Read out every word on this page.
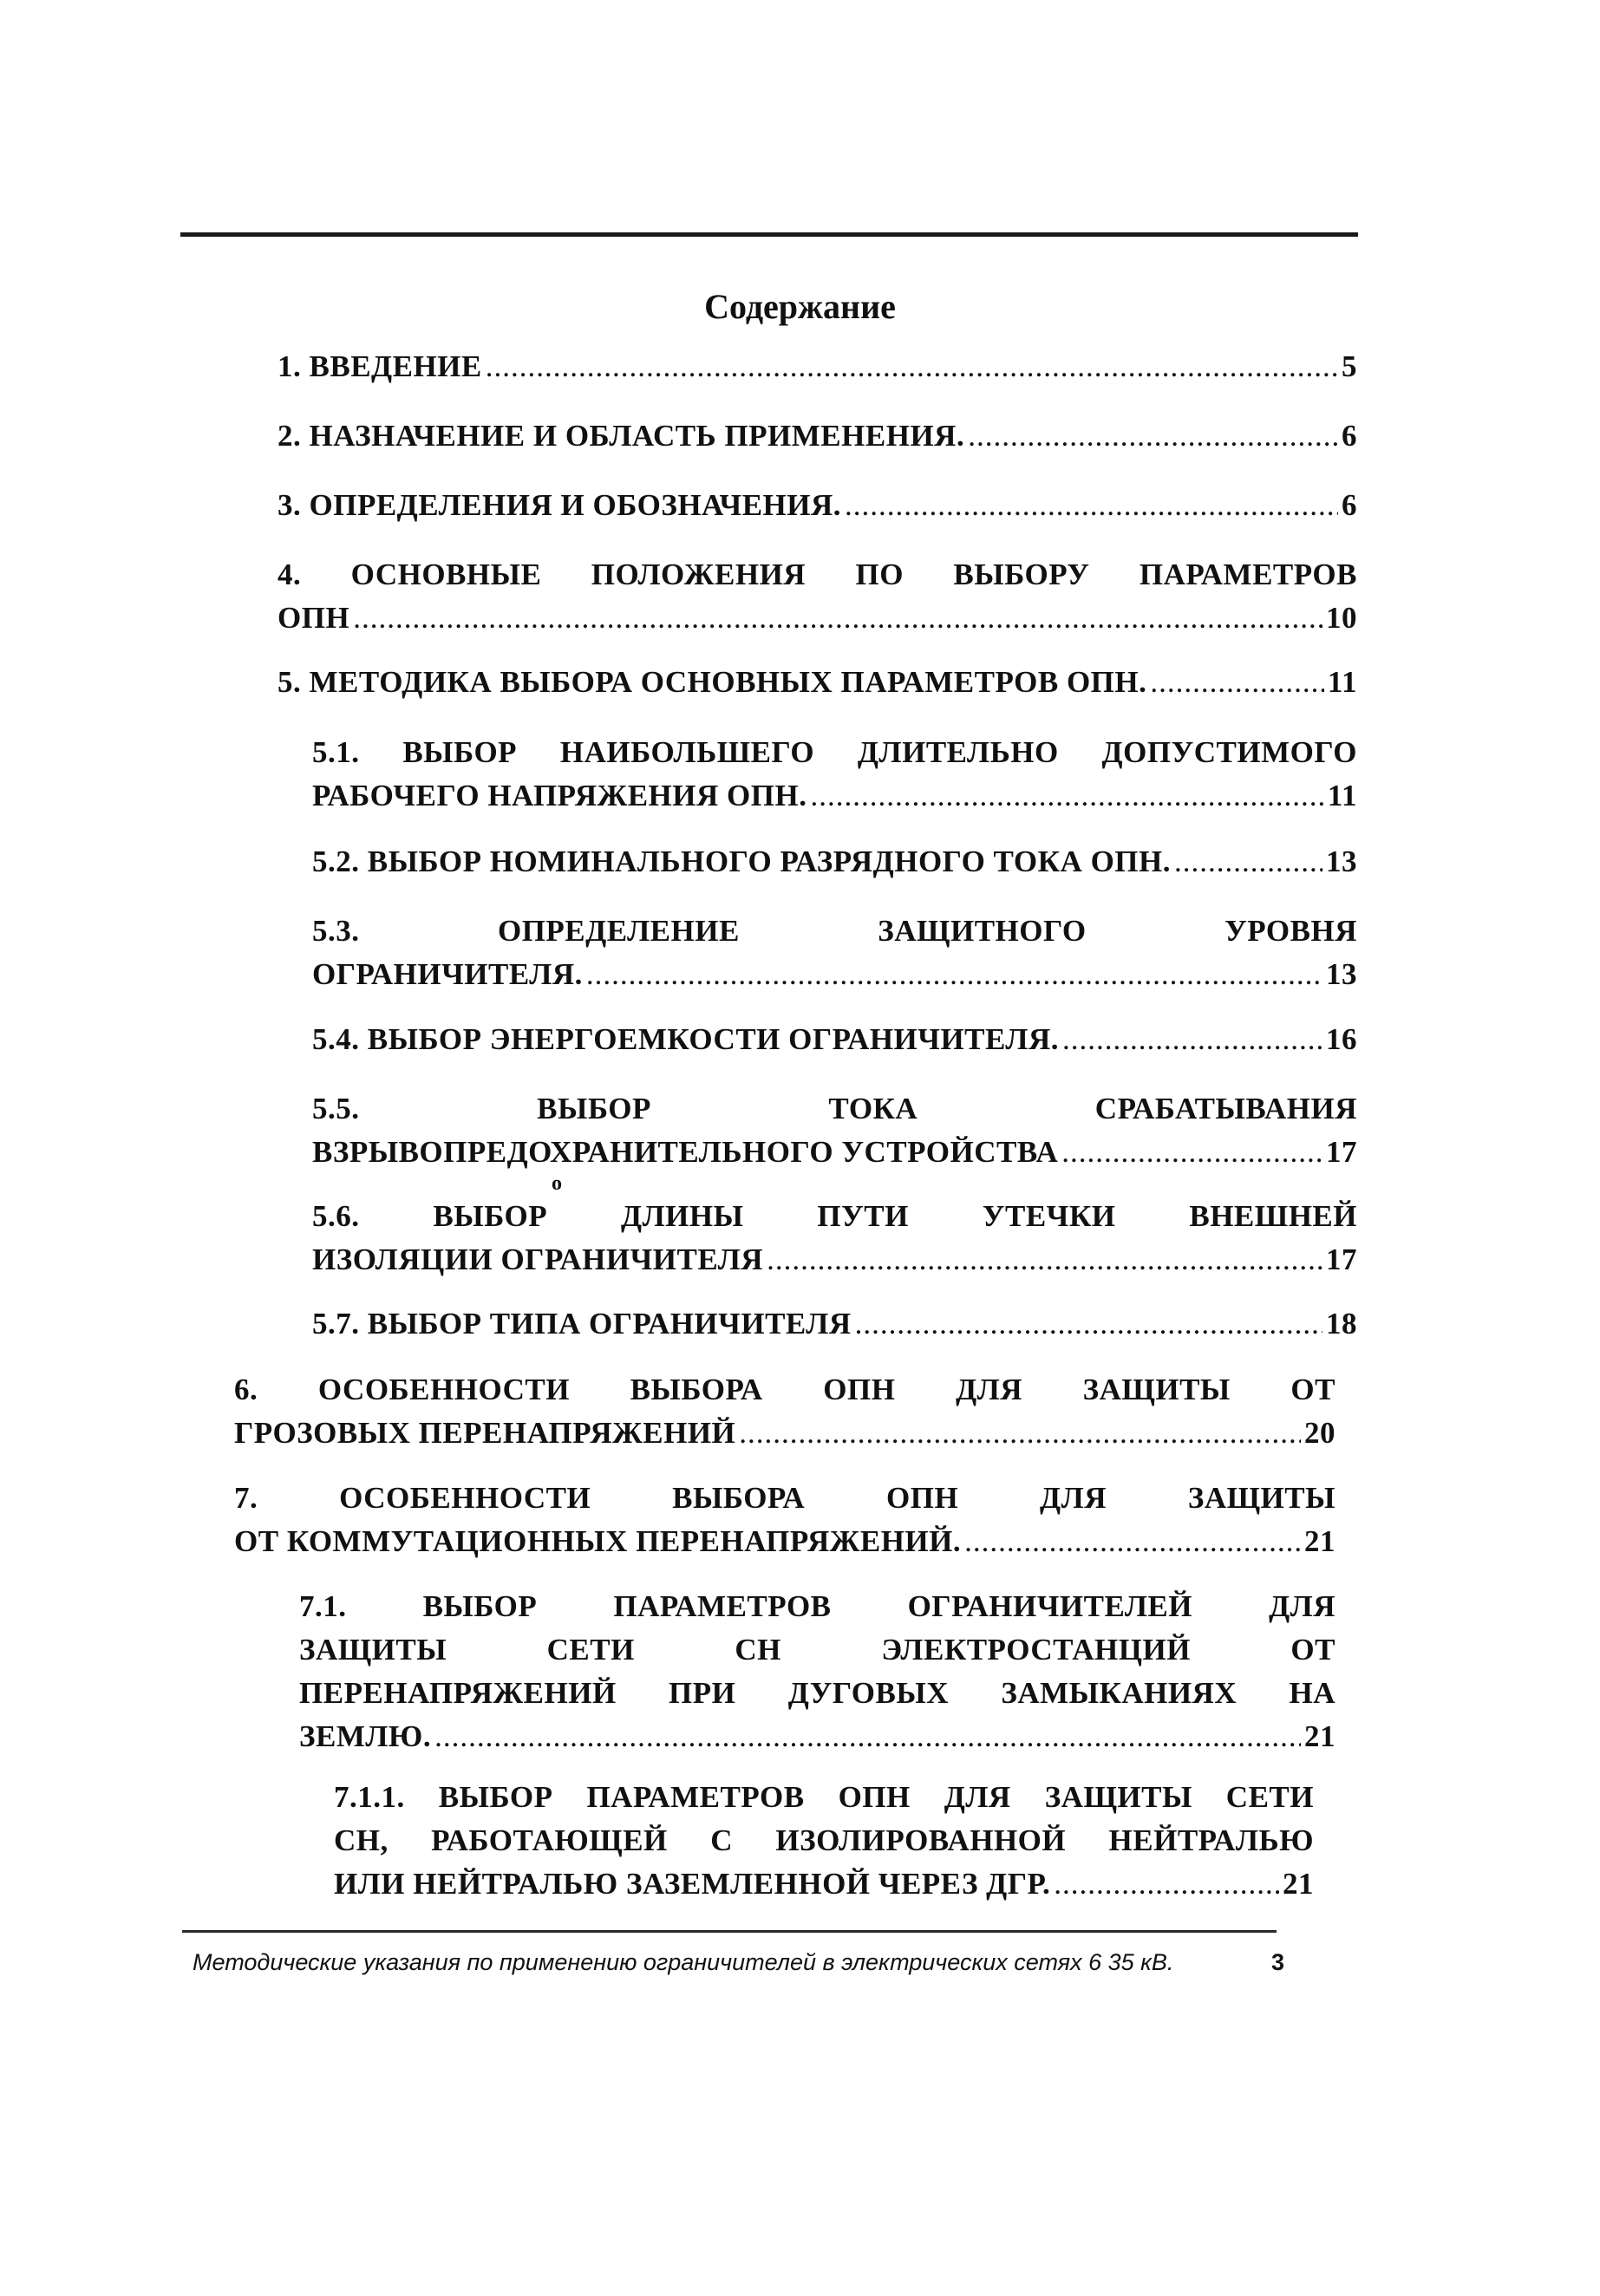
Содержание
1. ВВЕДЕНИЕ .....	5
2. НАЗНАЧЕНИЕ И ОБЛАСТЬ ПРИМЕНЕНИЯ. .....	6
3. ОПРЕДЕЛЕНИЯ И ОБОЗНАЧЕНИЯ. .....	6
4. ОСНОВНЫЕ ПОЛОЖЕНИЯ ПО ВЫБОРУ ПАРАМЕТРОВ
ОПН .....	10
5. МЕТОДИКА ВЫБОРА ОСНОВНЫХ ПАРАМЕТРОВ ОПН. .....	11
5.1. ВЫБОР НАИБОЛЬШЕГО ДЛИТЕЛЬНО ДОПУСТИМОГО
РАБОЧЕГО НАПРЯЖЕНИЯ ОПН. .....	11
5.2. ВЫБОР НОМИНАЛЬНОГО РАЗРЯДНОГО ТОКА ОПН. .....	13
5.3. ОПРЕДЕЛЕНИЕ ЗАЩИТНОГО УРОВНЯ
ОГРАНИЧИТЕЛЯ. .....	13
5.4. ВЫБОР ЭНЕРГОЕМКОСТИ ОГРАНИЧИТЕЛЯ. .....	16
5.5. ВЫБОР ТОКА СРАБАТЫВАНИЯ
ВЗРЫВОПРЕДОХРАНИТЕЛЬНОГО УСТРОЙСТВА .....	17
5.6. ВЫБОР ДЛИНЫ ПУТИ УТЕЧКИ ВНЕШНЕЙ
ИЗОЛЯЦИИ ОГРАНИЧИТЕЛЯ .....	17
5.7. ВЫБОР ТИПА ОГРАНИЧИТЕЛЯ .....	18
6. ОСОБЕННОСТИ ВЫБОРА ОПН ДЛЯ ЗАЩИТЫ ОТ
ГРОЗОВЫХ ПЕРЕНАПРЯЖЕНИЙ .....	20
7. ОСОБЕННОСТИ ВЫБОРА ОПН ДЛЯ ЗАЩИТЫ
ОТ КОММУТАЦИОННЫХ ПЕРЕНАПРЯЖЕНИЙ. .....	21
7.1. ВЫБОР ПАРАМЕТРОВ ОГРАНИЧИТЕЛЕЙ ДЛЯ
ЗАЩИТЫ СЕТИ СН ЭЛЕКТРОСТАНЦИЙ ОТ
ПЕРЕНАПРЯЖЕНИЙ ПРИ ДУГОВЫХ ЗАМЫКАНИЯХ НА
ЗЕМЛЮ. .....	21
7.1.1. ВЫБОР ПАРАМЕТРОВ ОПН ДЛЯ ЗАЩИТЫ СЕТИ
СН, РАБОТАЮЩЕЙ С ИЗОЛИРОВАННОЙ НЕЙТРАЛЬЮ
ИЛИ НЕЙТРАЛЬЮ ЗАЗЕМЛЕННОЙ ЧЕРЕЗ ДГР. .....	21
o
Методические указания по применению ограничителей в электрических сетях 6 35 кВ.	3
